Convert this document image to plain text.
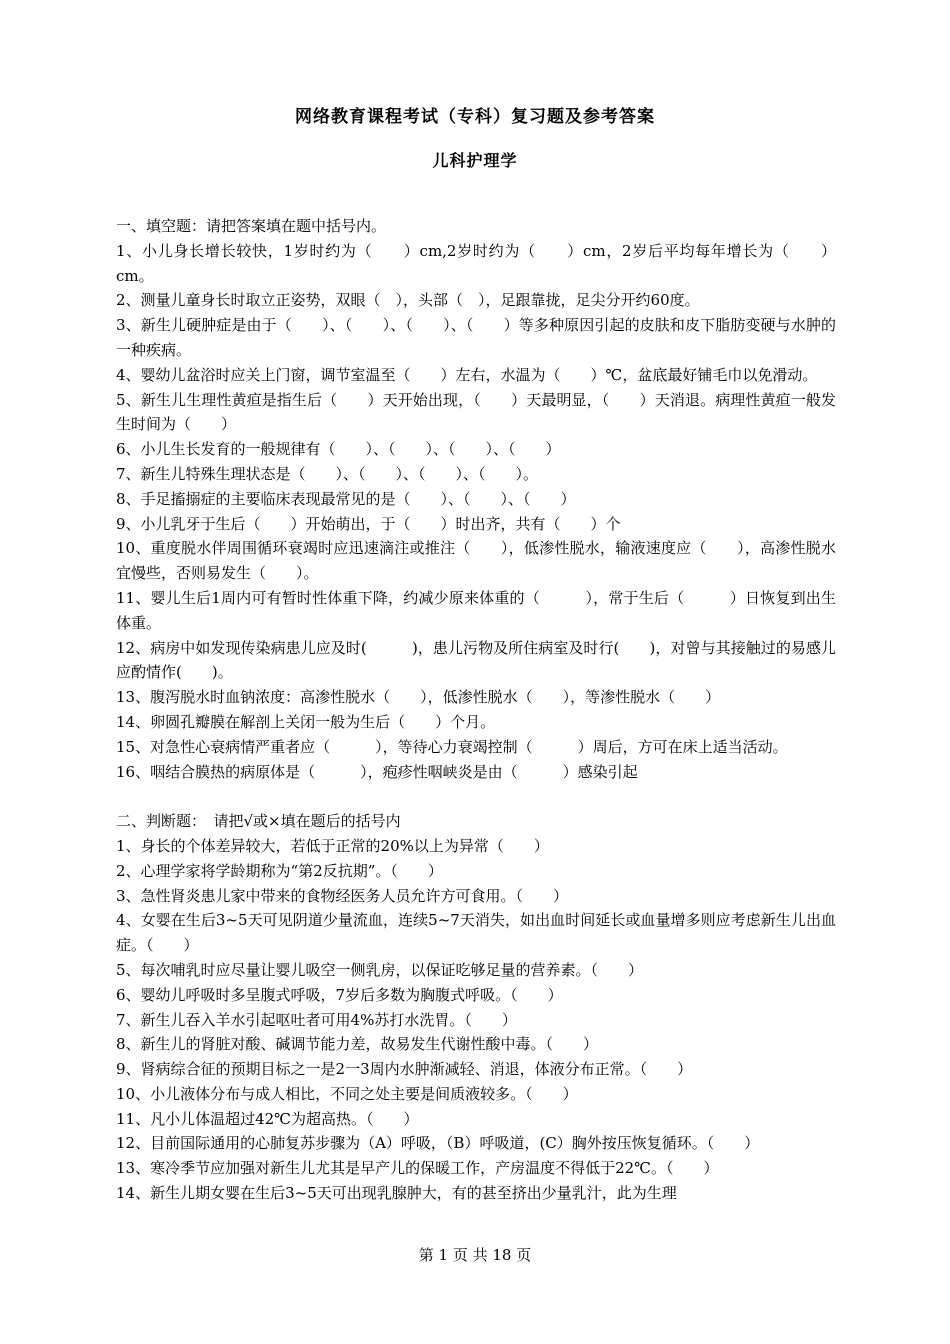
网络教育课程考试（专科）复习题及参考答案
儿科护理学

一、填空题：请把答案填在题中括号内。

1、小儿身长增长较快，1岁时约为（　　）cm,2岁时约为（　　）cm，2岁后平均每年增长为（　　）cm。

2、测量儿童身长时取立正姿势，双眼（　），头部（　），足跟靠拢，足尖分开约60度。

3、新生儿硬肿症是由于（　　）、（　　）、（　　）、（　　）等多种原因引起的皮肤和皮下脂肪变硬与水肿的一种疾病。

4、婴幼儿盆浴时应关上门窗，调节室温至（　　）左右，水温为（　　）℃，盆底最好铺毛巾以免滑动。

5、新生儿生理性黄疸是指生后（　　）天开始出现，（　　）天最明显，（　　）天消退。病理性黄疸一般发生时间为（　　）

6、小儿生长发育的一般规律有（　　）、（　　）、（　　）、（　　）

7、新生儿特殊生理状态是（　　）、（　　）、（　　）、（　　）。

8、手足搐搦症的主要临床表现最常见的是（　　）、（　　）、（　　）

9、小儿乳牙于生后（　　）开始萌出，于（　　）时出齐，共有（　　）个

10、重度脱水伴周围循环衰竭时应迅速滴注或推注（　　），低渗性脱水，输液速度应（　　），高渗性脱水宜慢些，否则易发生（　　）。

11、婴儿生后1周内可有暂时性体重下降，约减少原来体重的（　　　），常于生后（　　　）日恢复到出生体重。

12、病房中如发现传染病患儿应及时(　　　)，患儿污物及所住病室及时行(　　)，对曾与其接触过的易感儿应酌情作(　　)。

13、腹泻脱水时血钠浓度：高渗性脱水（　　），低渗性脱水（　　），等渗性脱水（　　）

14、卵圆孔瓣膜在解剖上关闭一般为生后（　　）个月。

15、对急性心衰病情严重者应（　　　），等待心力衰竭控制（　　　）周后，方可在床上适当活动。

16、咽结合膜热的病原体是（　　　），疱疹性咽峡炎是由（　　　）感染引起

二、判断题：　请把√或×填在题后的括号内

1、身长的个体差异较大，若低于正常的20%以上为异常（　　）

2、心理学家将学龄期称为“第2反抗期”。（　　）

3、急性肾炎患儿家中带来的食物经医务人员允许方可食用。（　　）

4、女婴在生后3~5天可见阴道少量流血，连续5~7天消失，如出血时间延长或血量增多则应考虑新生儿出血症。（　　）

5、每次哺乳时应尽量让婴儿吸空一侧乳房，以保证吃够足量的营养素。（　　）

6、婴幼儿呼吸时多呈腹式呼吸，7岁后多数为胸腹式呼吸。（　　）

7、新生儿吞入羊水引起呕吐者可用4%苏打水洗胃。（　　）

8、新生儿的肾脏对酸、碱调节能力差，故易发生代谢性酸中毒。（　　）

9、肾病综合征的预期目标之一是2一3周内水肿渐减轻、消退，体液分布正常。（　　）

10、小儿液体分布与成人相比，不同之处主要是间质液较多。（　　）

11、凡小儿体温超过42℃为超高热。（　　）

12、目前国际通用的心肺复苏步骤为（A）呼吸，（B）呼吸道，(C）胸外按压恢复循环。（　　）

13、寒冷季节应加强对新生儿尤其是早产儿的保暖工作，产房温度不得低于22℃。（　　）

14、新生儿期女婴在生后3~5天可出现乳腺肿大，有的甚至挤出少量乳汁，此为生理

第 1 页 共 18 页
